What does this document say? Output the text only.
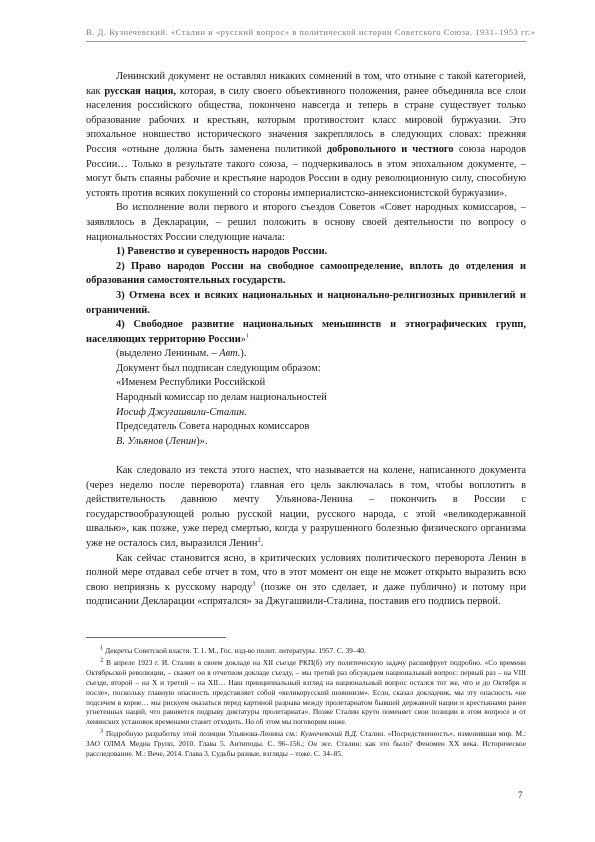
В. Д. Кузнечевский. «Сталин и «русский вопрос» в политической истории Советского Союза. 1931–1953 гг.»

Ленинский документ не оставлял никаких сомнений в том, что отныне с такой категорией, как русская нация, которая, в силу своего объективного положения, ранее объединяла все слои населения российского общества, покончено навсегда и теперь в стране существует только образование рабочих и крестьян, которым противостоит класс мировой буржуазии. Это эпохальное новшество исторического значения закреплялось в следующих словах: прежняя Россия «отныне должна быть заменена политикой добровольного и честного союза народов России… Только в результате такого союза, – подчеркивалось в этом эпохальном документе, – могут быть спаяны рабочие и крестьяне народов России в одну революционную силу, способную устоять против всяких покушений со стороны империалистско-аннексионистской буржуазии».

Во исполнение воли первого и второго съездов Советов «Совет народных комиссаров, – заявлялось в Декларации, – решил положить в основу своей деятельности по вопросу о национальностях России следующие начала:

1) Равенство и суверенность народов России.

2) Право народов России на свободное самоопределение, вплоть до отделения и образования самостоятельных государств.

3) Отмена всех и всяких национальных и национально-религиозных привилегий и ограничений.

4) Свободное развитие национальных меньшинств и этнографических групп, населяющих территорию России»$^1$

(выделено Лениным. – Авт.).
Документ был подписан следующим образом:
«Именем Республики Российской
Народный комиссар по делам национальностей
Иосиф Джугашвили-Сталин.
Председатель Совета народных комиссаров
В. Ульянов (Ленин)».

Как следовало из текста этого наспех, что называется на колене, написанного документа (через неделю после переворота) главная его цель заключалась в том, чтобы воплотить в действительность давнюю мечту Ульянова-Ленина – покончить в России с государствообразующей ролью русской нации, русского народа, с этой «великодержавной швалью», как позже, уже перед смертью, когда у разрушенного болезнью физического организма уже не осталось сил, выразился Ленин$^2$.

Как сейчас становится ясно, в критических условиях политического переворота Ленин в полной мере отдавал себе отчет в том, что в этот момент он еще не может открыто выразить всю свою неприязнь к русскому народу$^3$ (позже он это сделает, и даже публично) и потому при подписании Декларации «спрятался» за Джугашвили-Сталина, поставив его подпись первой.

1 Декреты Советской власти. Т. 1. М., Гос. изд-во полит. литературы. 1957. С. 39–40.

2 В апреле 1923 г. И. Сталин в своем докладе на XII съезде РКП(б) эту политическую задачу расшифрует подробно. «Со времени Октябрьской революции, – скажет он в отчетном докладе съезду, – мы третий раз обсуждаем национальный вопрос: первый раз – на VIII съезде, второй – на X и третий – на XII… Наш принципиальный взгляд на национальный вопрос остался тот же, что и до Октября и после», поскольку главную опасность представляет собой «великорусский шовинизм». Если, сказал докладчик, мы эту опасность «не подсечем в корне… мы рискуем оказаться перед картиной разрыва между пролетариатом бывшей державной нации и крестьянами ранее угнетенных наций, что равняется подрыву диктатуры пролетариата». Позже Сталин круто поменяет свои позиции в этом вопросе и от ленинских установок временами станет отходить. Но об этом мы поговорим ниже.

3 Подробную разработку этой позиции Ульянова-Ленина см.: Кузнечевский В.Д. Сталин. «Посредственность», изменившая мир. М.: ЗАО ОЛМА Медиа Групп, 2010. Глава 5. Антиподы. С. 96–156.; Он же. Сталин: как это было? Феномен XX века. Историческое расследование. М.: Вече, 2014. Глава 3. Судьбы разные, взгляды – тоже. С. 34–85.

7
